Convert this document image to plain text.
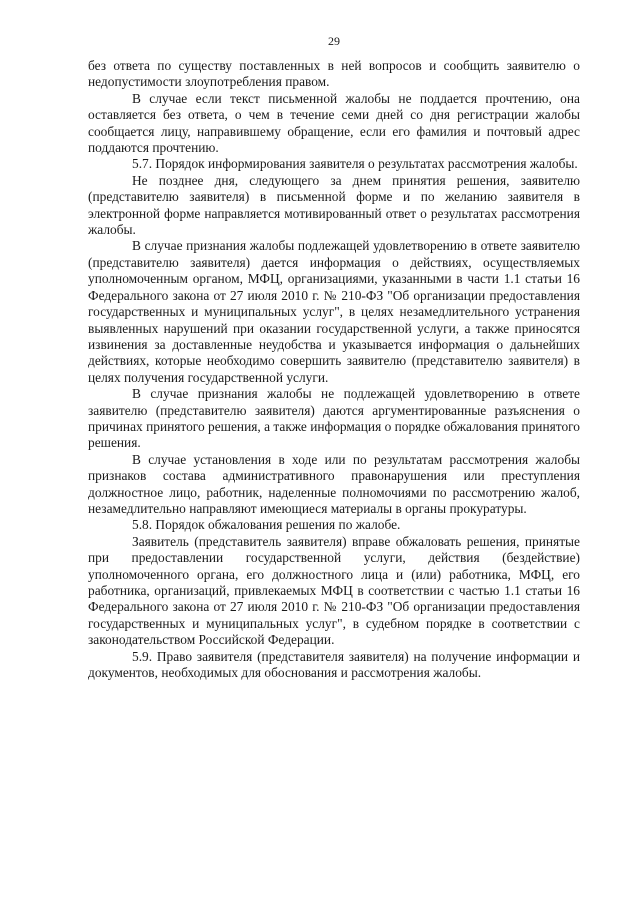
29

без ответа по существу поставленных в ней вопросов и сообщить заявителю о недопустимости злоупотребления правом.

В случае если текст письменной жалобы не поддается прочтению, она оставляется без ответа, о чем в течение семи дней со дня регистрации жалобы сообщается лицу, направившему обращение, если его фамилия и почтовый адрес поддаются прочтению.

5.7. Порядок информирования заявителя о результатах рассмотрения жалобы.

Не позднее дня, следующего за днем принятия решения, заявителю (представителю заявителя) в письменной форме и по желанию заявителя в электронной форме направляется мотивированный ответ о результатах рассмотрения жалобы.

В случае признания жалобы подлежащей удовлетворению в ответе заявителю (представителю заявителя) дается информация о действиях, осуществляемых уполномоченным органом, МФЦ, организациями, указанными в части 1.1 статьи 16 Федерального закона от 27 июля 2010 г. № 210-ФЗ "Об организации предоставления государственных и муниципальных услуг", в целях незамедлительного устранения выявленных нарушений при оказании государственной услуги, а также приносятся извинения за доставленные неудобства и указывается информация о дальнейших действиях, которые необходимо совершить заявителю (представителю заявителя) в целях получения государственной услуги.

В случае признания жалобы не подлежащей удовлетворению в ответе заявителю (представителю заявителя) даются аргументированные разъяснения о причинах принятого решения, а также информация о порядке обжалования принятого решения.

В случае установления в ходе или по результатам рассмотрения жалобы признаков состава административного правонарушения или преступления должностное лицо, работник, наделенные полномочиями по рассмотрению жалоб, незамедлительно направляют имеющиеся материалы в органы прокуратуры.

5.8. Порядок обжалования решения по жалобе.

Заявитель (представитель заявителя) вправе обжаловать решения, принятые при предоставлении государственной услуги, действия (бездействие) уполномоченного органа, его должностного лица и (или) работника, МФЦ, его работника, организаций, привлекаемых МФЦ в соответствии с частью 1.1 статьи 16 Федерального закона от 27 июля 2010 г. № 210-ФЗ "Об организации предоставления государственных и муниципальных услуг", в судебном порядке в соответствии с законодательством Российской Федерации.

5.9. Право заявителя (представителя заявителя) на получение информации и документов, необходимых для обоснования и рассмотрения жалобы.
